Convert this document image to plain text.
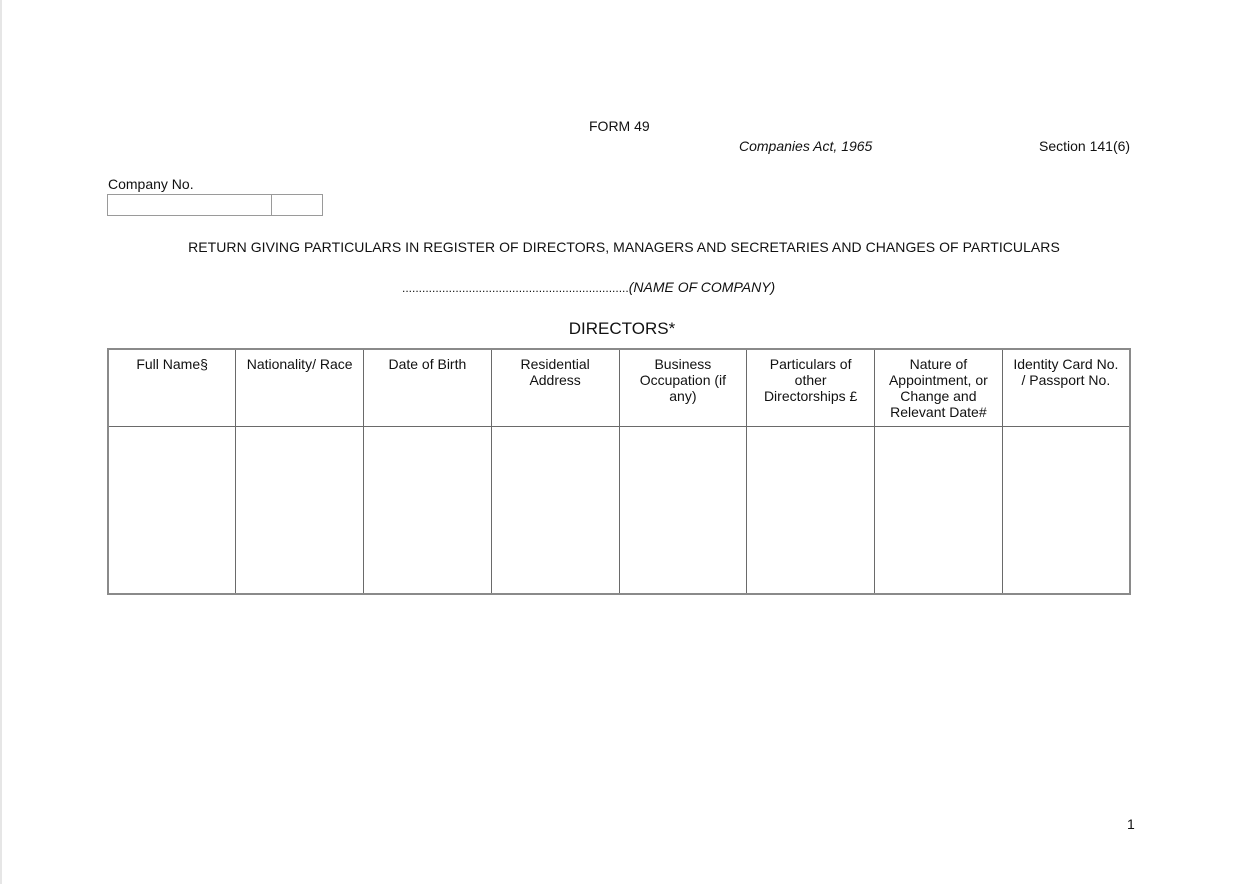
FORM 49
Companies Act, 1965	Section 141(6)
Company No.
RETURN GIVING PARTICULARS IN REGISTER OF DIRECTORS, MANAGERS AND SECRETARIES AND CHANGES OF PARTICULARS
....................................................................(NAME OF COMPANY)
DIRECTORS*
Full Name§	Nationality/ Race	Date of Birth	Residential Address	Business Occupation (if any)	Particulars of other Directorships £	Nature of Appointment, or Change and Relevant Date#	Identity Card No. / Passport No.

1
